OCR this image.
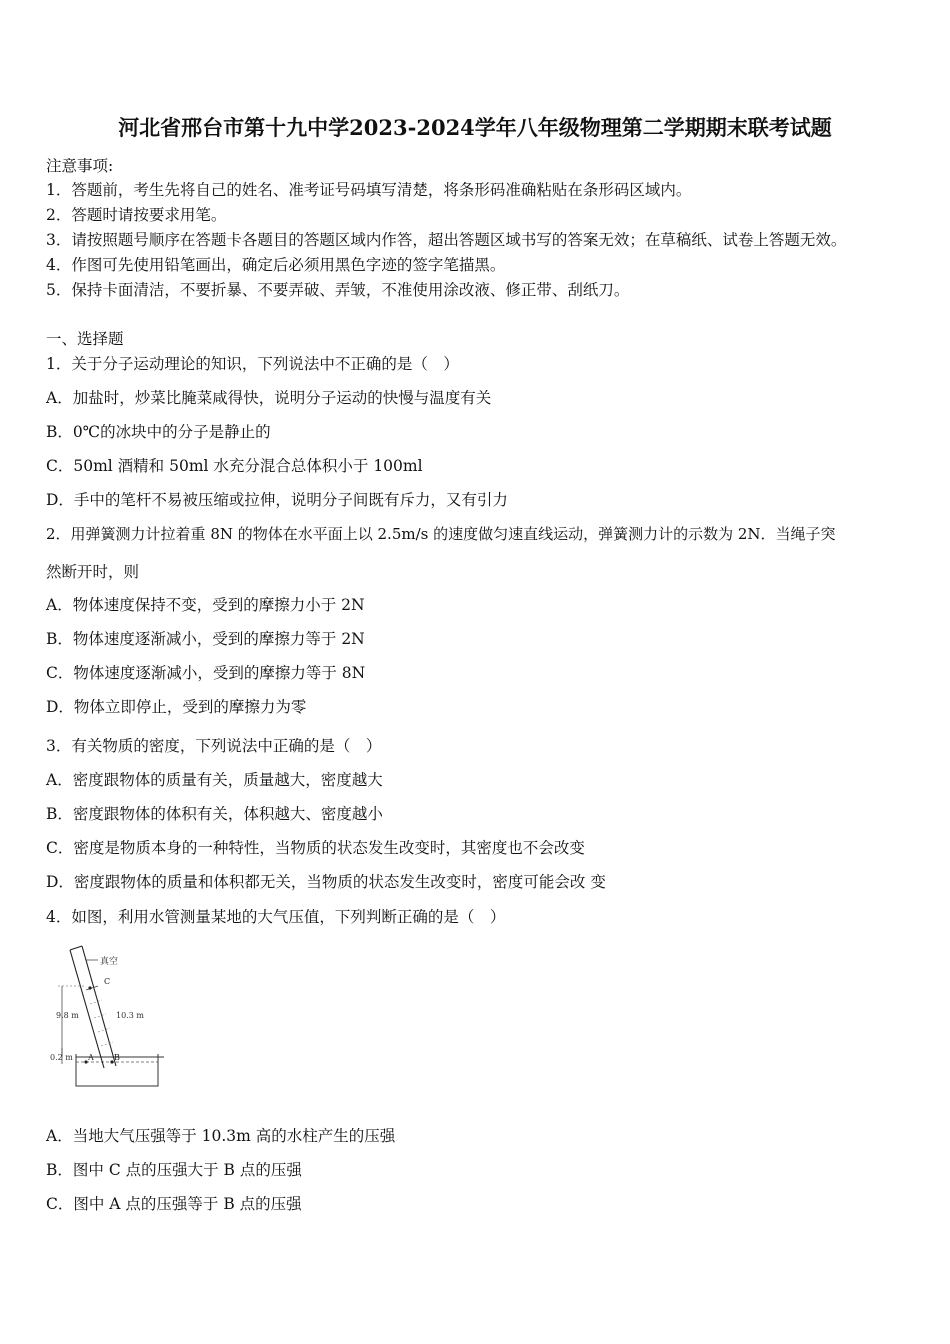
河北省邢台市第十九中学2023-2024学年八年级物理第二学期期末联考试题
注意事项:
1．答题前，考生先将自己的姓名、准考证号码填写清楚，将条形码准确粘贴在条形码区域内。
2．答题时请按要求用笔。
3．请按照题号顺序在答题卡各题目的答题区域内作答，超出答题区域书写的答案无效；在草稿纸、试卷上答题无效。
4．作图可先使用铅笔画出，确定后必须用黑色字迹的签字笔描黑。
5．保持卡面清洁，不要折暴、不要弄破、弄皱，不准使用涂改液、修正带、刮纸刀。
一、选择题
1．关于分子运动理论的知识，下列说法中不正确的是（　）
A．加盐时，炒菜比腌菜咸得快，说明分子运动的快慢与温度有关
B．0℃的冰块中的分子是静止的
C．50ml 酒精和 50ml 水充分混合总体积小于 100ml
D．手中的笔杆不易被压缩或拉伸，说明分子间既有斥力，又有引力
2．用弹簧测力计拉着重 8N 的物体在水平面上以 2.5m/s 的速度做匀速直线运动，弹簧测力计的示数为 2N．当绳子突
然断开时，则
A．物体速度保持不变，受到的摩擦力小于 2N
B．物体速度逐渐减小，受到的摩擦力等于 2N
C．物体速度逐渐减小，受到的摩擦力等于 8N
D．物体立即停止，受到的摩擦力为零
3．有关物质的密度，下列说法中正确的是（　）
A．密度跟物体的质量有关，质量越大，密度越大
B．密度跟物体的体积有关，体积越大、密度越小
C．密度是物质本身的一种特性，当物质的状态发生改变时，其密度也不会改变
D．密度跟物体的质量和体积都无关，当物质的状态发生改变时，密度可能会改 变
4．如图，利用水管测量某地的大气压值，下列判断正确的是（　）
真空
9.8 m	10.3 m
0.2 m A	B
C
A．当地大气压强等于 10.3m 高的水柱产生的压强
B．图中 C 点的压强大于 B 点的压强
C．图中 A 点的压强等于 B 点的压强
